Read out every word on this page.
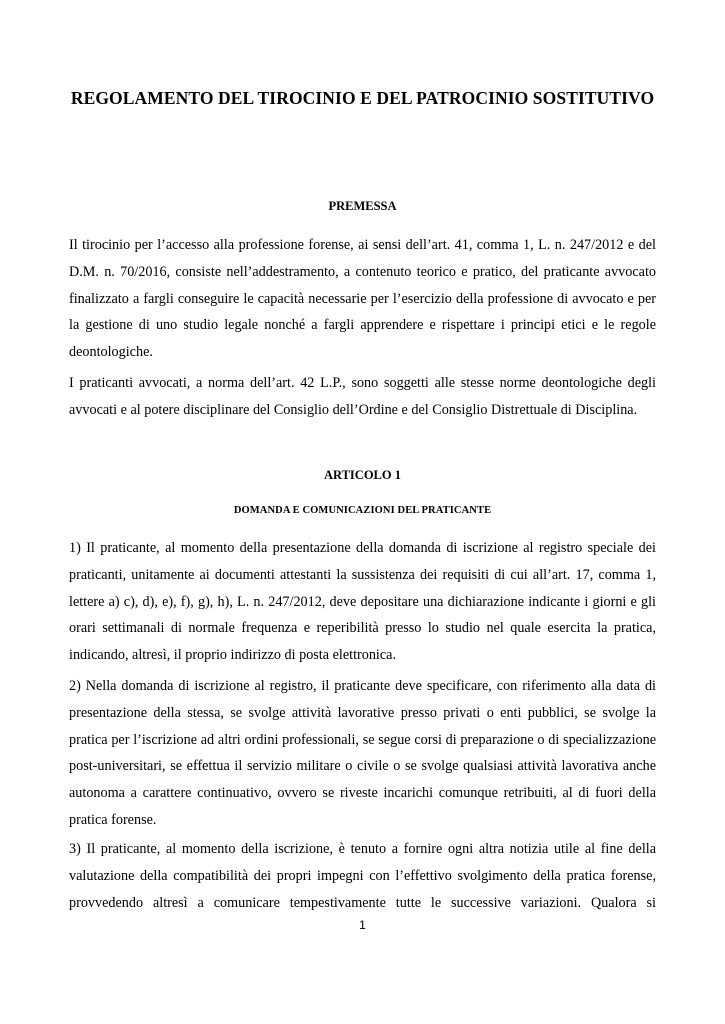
REGOLAMENTO DEL TIROCINIO E DEL PATROCINIO SOSTITUTIVO
PREMESSA

Il tirocinio per l’accesso alla professione forense, ai sensi dell’art. 41, comma 1, L. n. 247/2012 e del D.M. n. 70/2016, consiste nell’addestramento, a contenuto teorico e pratico, del praticante avvocato finalizzato a fargli conseguire le capacità necessarie per l’esercizio della professione di avvocato e per la gestione di uno studio legale nonché a fargli apprendere e rispettare i principi etici e le regole deontologiche.

I praticanti avvocati, a norma dell’art. 42 L.P., sono soggetti alle stesse norme deontologiche degli avvocati e al potere disciplinare del Consiglio dell’Ordine e del Consiglio Distrettuale di Disciplina.

ARTICOLO 1
DOMANDA E COMUNICAZIONI DEL PRATICANTE

1) Il praticante, al momento della presentazione della domanda di iscrizione al registro speciale dei praticanti, unitamente ai documenti attestanti la sussistenza dei requisiti di cui all’art. 17, comma 1, lettere a) c), d), e), f), g), h), L. n. 247/2012, deve depositare una dichiarazione indicante i giorni e gli orari settimanali di normale frequenza e reperibilità presso lo studio nel quale esercita la pratica, indicando, altresì, il proprio indirizzo di posta elettronica.

2) Nella domanda di iscrizione al registro, il praticante deve specificare, con riferimento alla data di presentazione della stessa, se svolge attività lavorative presso privati o enti pubblici, se svolge la pratica per l’iscrizione ad altri ordini professionali, se segue corsi di preparazione o di specializzazione post-universitari, se effettua il servizio militare o civile o se svolge qualsiasi attività lavorativa anche autonoma a carattere continuativo, ovvero se riveste incarichi comunque retribuiti, al di fuori della pratica forense.

3) Il praticante, al momento della iscrizione, è tenuto a fornire ogni altra notizia utile al fine della valutazione della compatibilità dei propri impegni con l’effettivo svolgimento della pratica forense, provvedendo altresì a comunicare tempestivamente tutte le successive variazioni. Qualora si

1
